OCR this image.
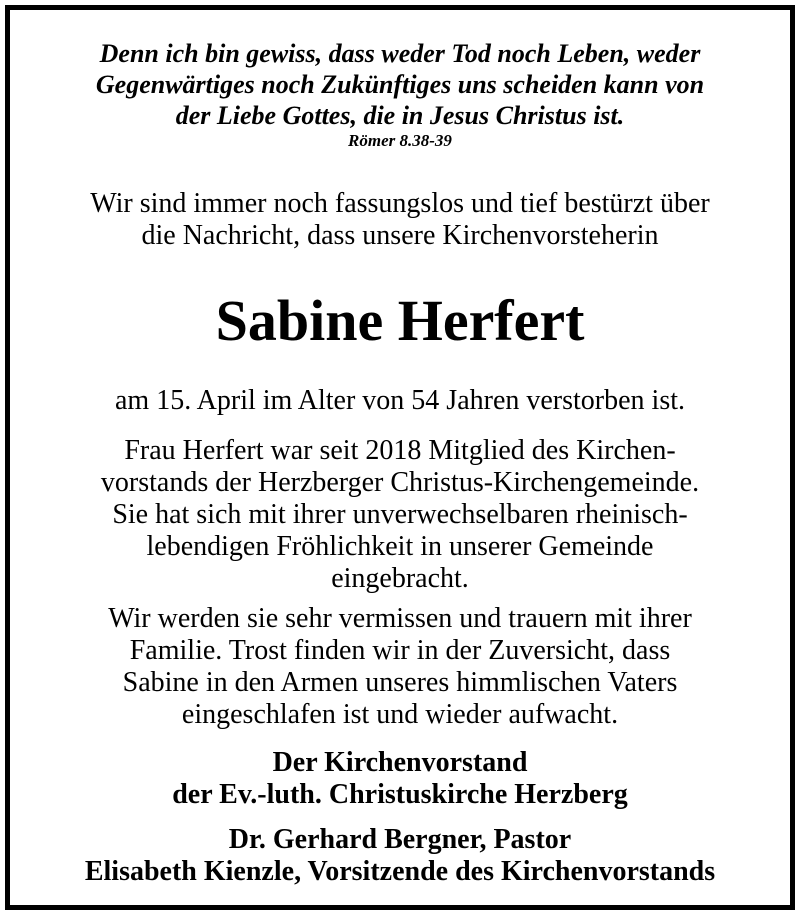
Denn ich bin gewiss, dass weder Tod noch Leben, weder
Gegenwärtiges noch Zukünftiges uns scheiden kann von
der Liebe Gottes, die in Jesus Christus ist.
Römer 8.38-39
Wir sind immer noch fassungslos und tief bestürzt über
die Nachricht, dass unsere Kirchenvorsteherin
Sabine Herfert
am 15. April im Alter von 54 Jahren verstorben ist.
Frau Herfert war seit 2018 Mitglied des Kirchen-
vorstands der Herzberger Christus-Kirchengemeinde.
Sie hat sich mit ihrer unverwechselbaren rheinisch-
lebendigen Fröhlichkeit in unserer Gemeinde
eingebracht.
Wir werden sie sehr vermissen und trauern mit ihrer
Familie. Trost finden wir in der Zuversicht, dass
Sabine in den Armen unseres himmlischen Vaters
eingeschlafen ist und wieder aufwacht.
Der Kirchenvorstand
der Ev.-luth. Christuskirche Herzberg
Dr. Gerhard Bergner, Pastor
Elisabeth Kienzle, Vorsitzende des Kirchenvorstands
